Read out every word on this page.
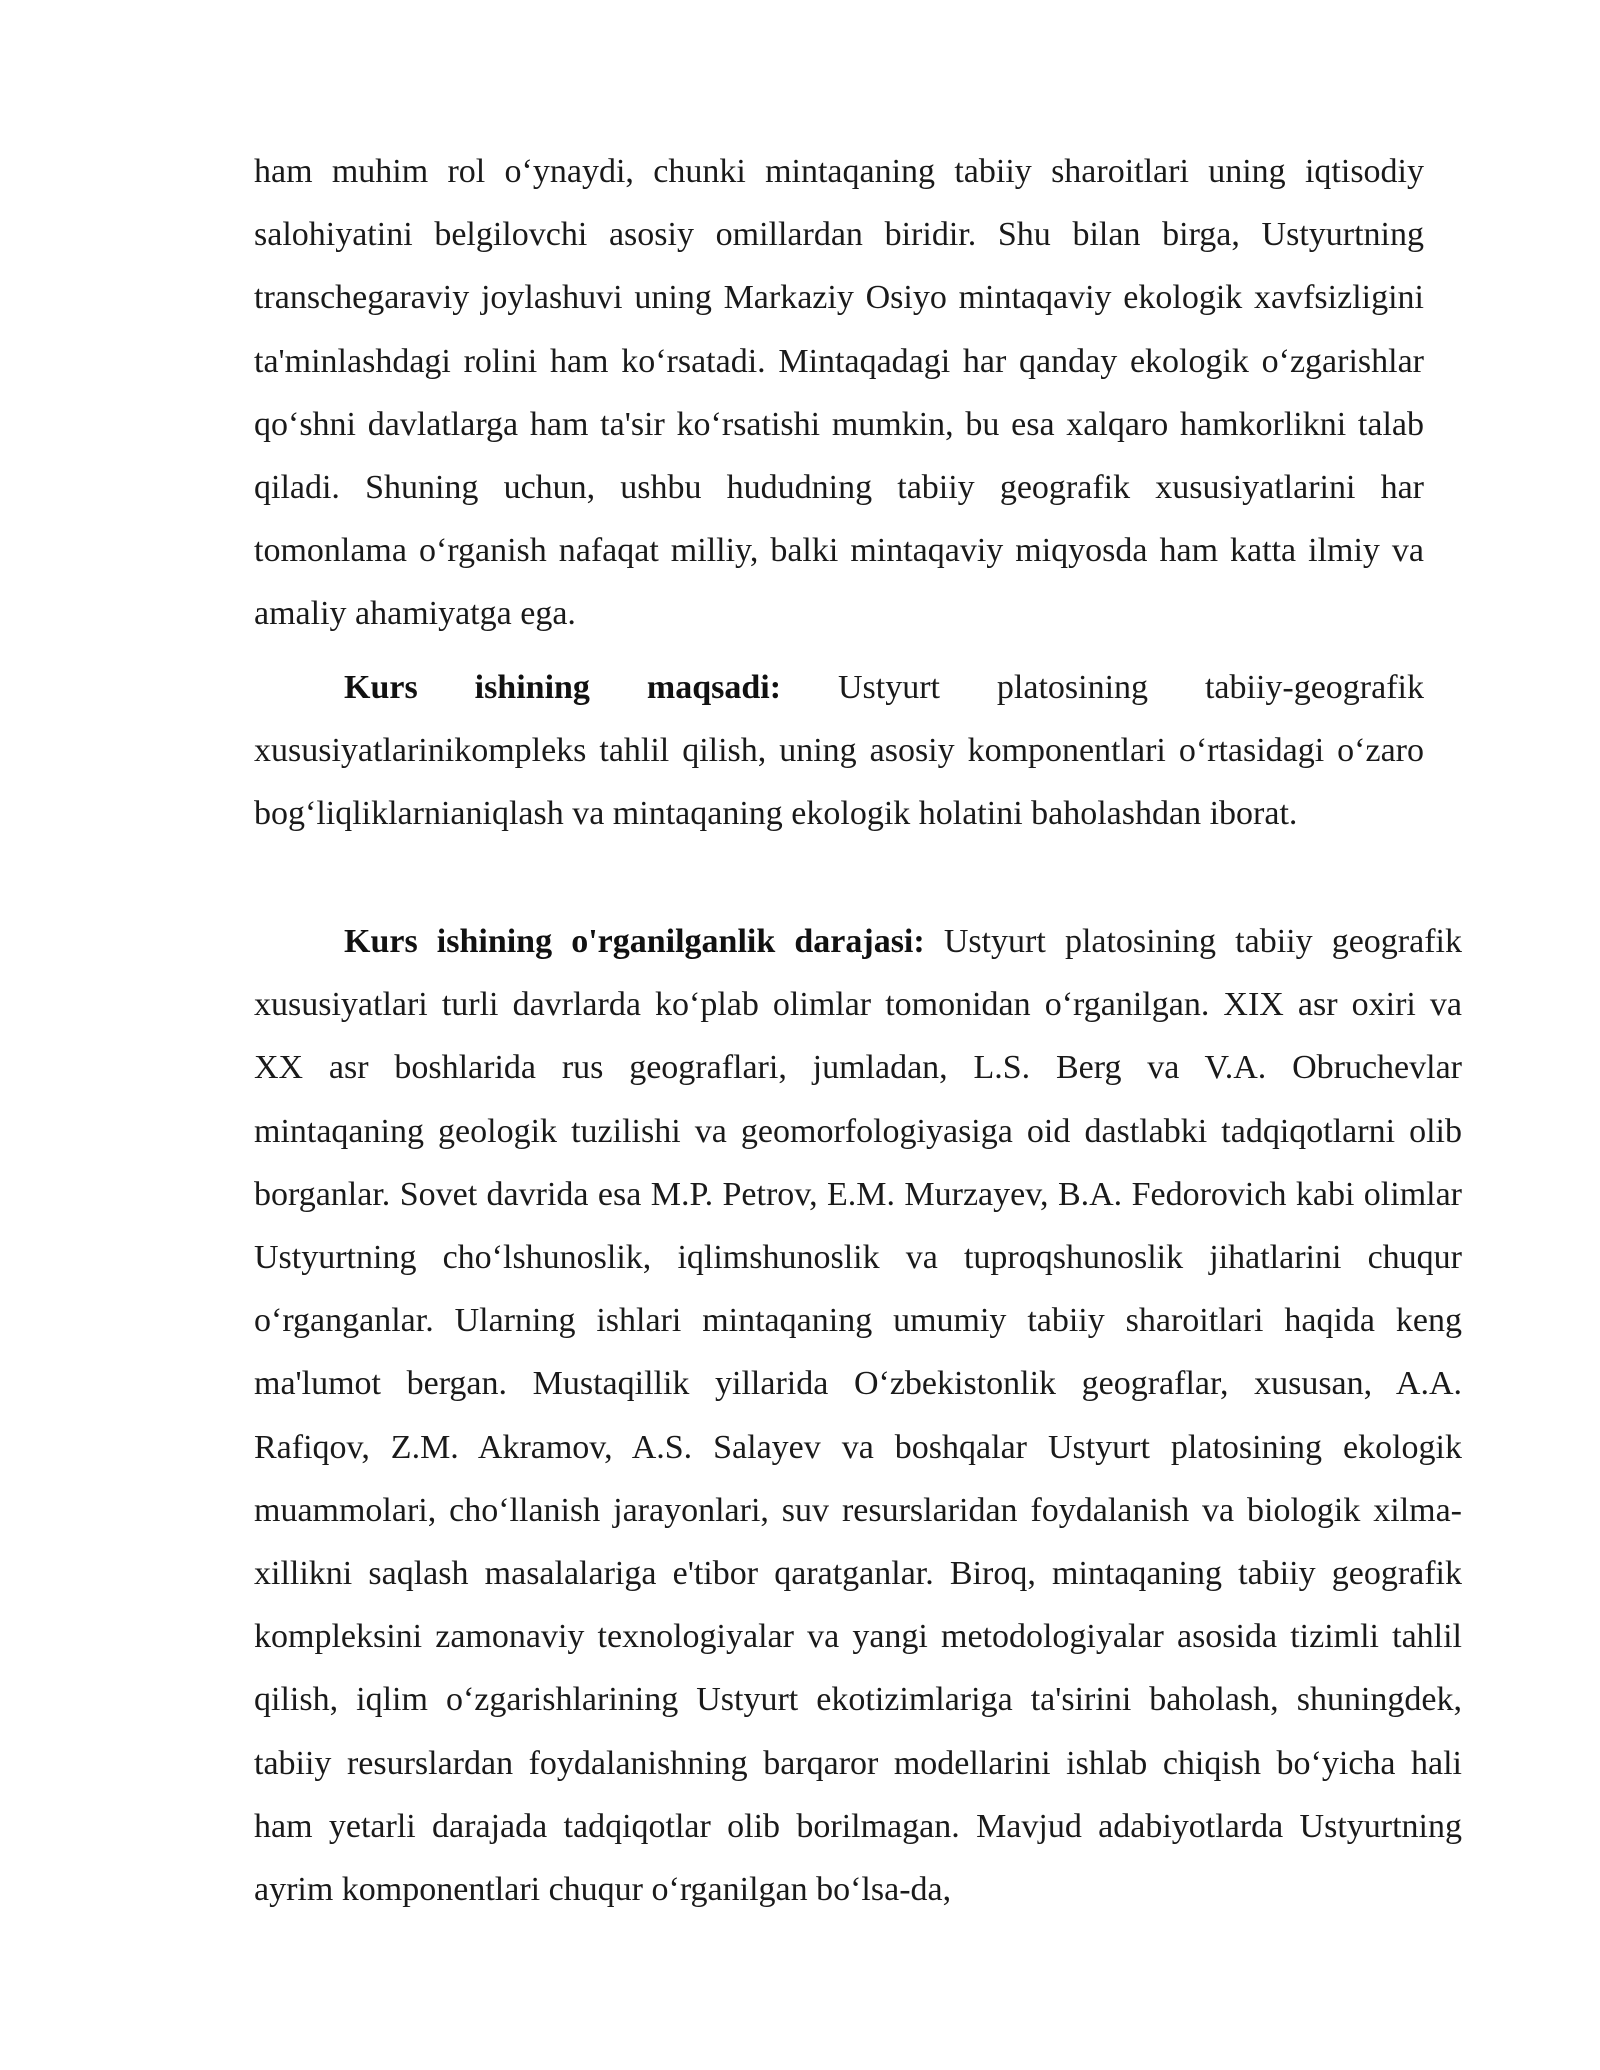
ham muhim rol oʻynaydi, chunki mintaqaning tabiiy sharoitlari uning iqtisodiy salohiyatini belgilovchi asosiy omillardan biridir. Shu bilan birga, Ustyurtning transchegaraviy joylashuvi uning Markaziy Osiyo mintaqaviy ekologik xavfsizligini ta'minlashdagi rolini ham koʻrsatadi. Mintaqadagi har qanday ekologik oʻzgarishlar qoʻshni davlatlarga ham ta'sir koʻrsatishi mumkin, bu esa xalqaro hamkorlikni talab qiladi. Shuning uchun, ushbu hududning tabiiy geografik xususiyatlarini har tomonlama oʻrganish nafaqat milliy, balki mintaqaviy miqyosda ham katta ilmiy va amaliy ahamiyatga ega.

Kurs ishining maqsadi: Ustyurt platosining tabiiy-geografik xususiyatlarinikompleks tahlil qilish, uning asosiy komponentlari oʻrtasidagi oʻzaro bogʻliqliklarnianiqlash va mintaqaning ekologik holatini baholashdan iborat.

Kurs ishining o'rganilganlik darajasi: Ustyurt platosining tabiiy geografik xususiyatlari turli davrlarda koʻplab olimlar tomonidan oʻrganilgan. XIX asr oxiri va XX asr boshlarida rus geograflari, jumladan, L.S. Berg va V.A. Obruchevlar mintaqaning geologik tuzilishi va geomorfologiyasiga oid dastlabki tadqiqotlarni olib borganlar. Sovet davrida esa M.P. Petrov, E.M. Murzayev, B.A. Fedorovich kabi olimlar Ustyurtning choʻlshunoslik, iqlimshunoslik va tuproqshunoslik jihatlarini chuqur oʻrganganlar. Ularning ishlari mintaqaning umumiy tabiiy sharoitlari haqida keng ma'lumot bergan. Mustaqillik yillarida Oʻzbekistonlik geograflar, xususan, A.A. Rafiqov, Z.M. Akramov, A.S. Salayev va boshqalar Ustyurt platosining ekologik muammolari, choʻllanish jarayonlari, suv resurslaridan foydalanish va biologik xilma-xillikni saqlash masalalariga e'tibor qaratganlar. Biroq, mintaqaning tabiiy geografik kompleksini zamonaviy texnologiyalar va yangi metodologiyalar asosida tizimli tahlil qilish, iqlim oʻzgarishlarining Ustyurt ekotizimlariga ta'sirini baholash, shuningdek, tabiiy resurslardan foydalanishning barqaror modellarini ishlab chiqish boʻyicha hali ham yetarli darajada tadqiqotlar olib borilmagan. Mavjud adabiyotlarda Ustyurtning ayrim komponentlari chuqur oʻrganilgan boʻlsa-da,
